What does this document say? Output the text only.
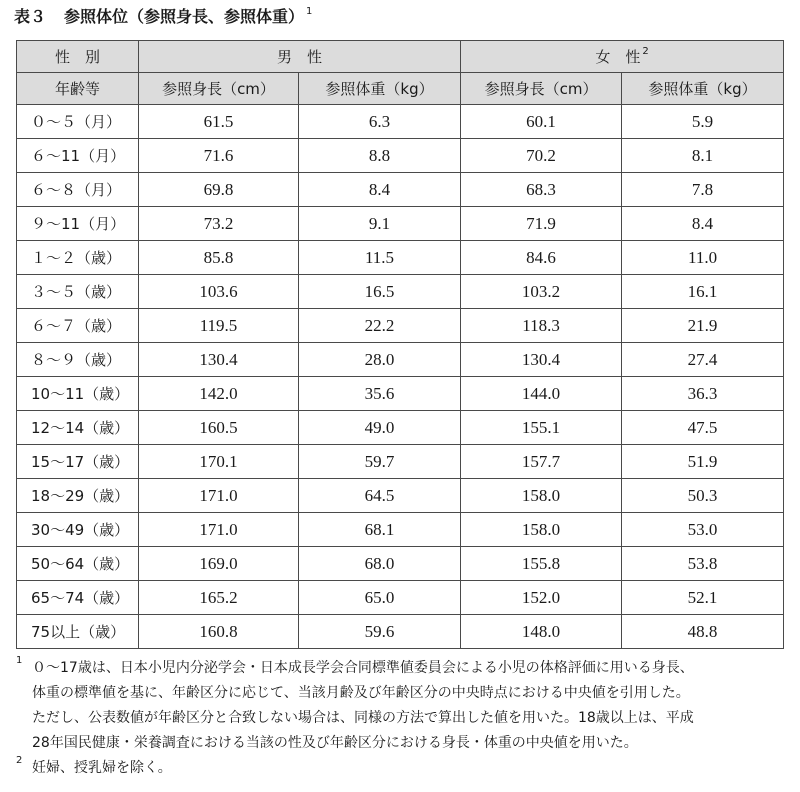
表３ 参照体位（参照身長、参照体重）$^1$
性　別	男　性		女　性 $^2$
年齢等	参照身長（cm）	参照体重（kg）	参照身長（cm）	参照体重（kg）
０～５（月）	61.5	6.3	60.1	5.9
６～11（月）	71.6	8.8	70.2	8.1
６～８（月）	69.8	8.4	68.3	7.8
９～11（月）	73.2	9.1	71.9	8.4
１～２（歳）	85.8	11.5	84.6	11.0
３～５（歳）	103.6	16.5	103.2	16.1
６～７（歳）	119.5	22.2	118.3	21.9
８～９（歳）	130.4	28.0	130.4	27.4
10～11（歳）	142.0	35.6	144.0	36.3
12～14（歳）	160.5	49.0	155.1	47.5
15～17（歳）	170.1	59.7	157.7	51.9
18～29（歳）	171.0	64.5	158.0	50.3
30～49（歳）	171.0	68.1	158.0	53.0
50～64（歳）	169.0	68.0	155.8	53.8
65～74（歳）	165.2	65.0	152.0	52.1
75以上（歳）	160.8	59.6	148.0	48.8
1 ０～17歳は、日本小児内分泌学会・日本成長学会合同標準値委員会による小児の体格評価に用いる身長、
体重の標準値を基に、年齢区分に応じて、当該月齢及び年齢区分の中央時点における中央値を引用した。
ただし、公表数値が年齢区分と合致しない場合は、同様の方法で算出した値を用いた。18歳以上は、平成
28年国民健康・栄養調査における当該の性及び年齢区分における身長・体重の中央値を用いた。
2 妊婦、授乳婦を除く。
